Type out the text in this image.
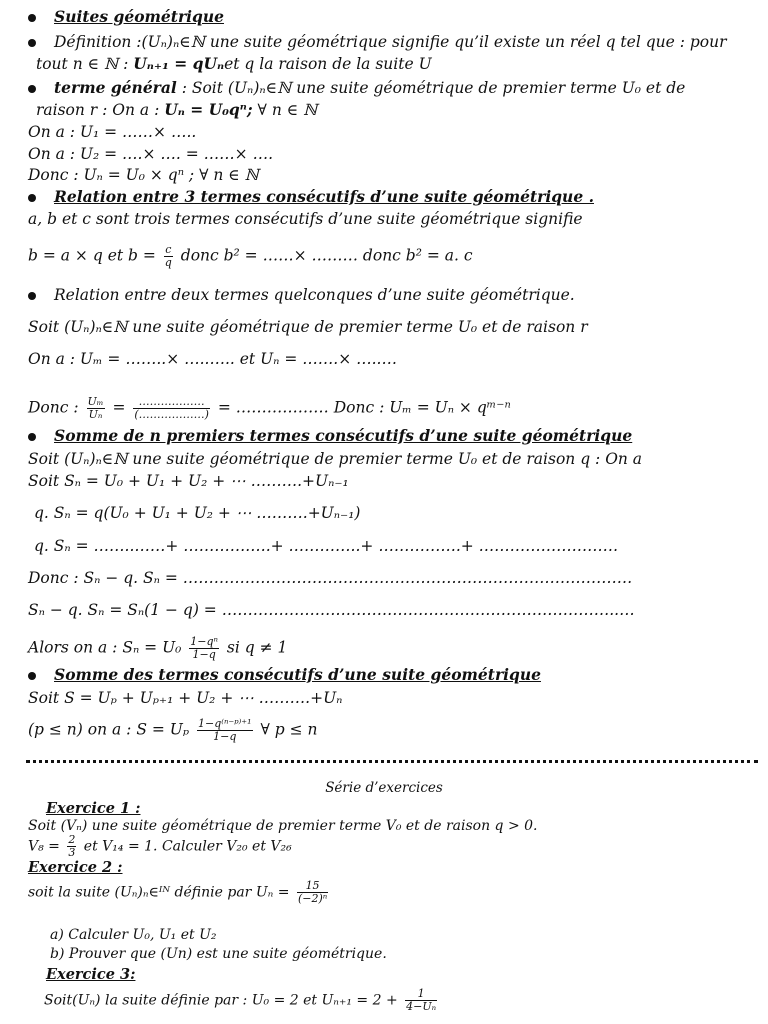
Suites géométrique
Définition :(Uₙ)ₙ∈ℕ une suite géométrique signifie qu’il existe un réel q tel que : pour
tout n ∈ ℕ : Uₙ₊₁ = qUₙet q la raison de la suite U
terme général : Soit (Uₙ)ₙ∈ℕ une suite géométrique de premier terme U₀ et de
raison r : On a : Uₙ = U₀qⁿ; ∀ n ∈ ℕ
On a : U₁ = ……× …..
On a : U₂ = ….× …. = ……× ….
Donc : Uₙ = U₀ × qⁿ ; ∀ n ∈ ℕ
Relation entre 3 termes consécutifs d’une suite géométrique .
a, b et c sont trois termes consécutifs d’une suite géométrique signifie
b = a × q et $b = \frac{c}{q}$ donc b² = ……× ……… donc b² = a. c
Relation entre deux termes quelconques d’une suite géométrique.
Soit (Uₙ)ₙ∈ℕ une suite géométrique de premier terme U₀ et de raison r
On a : Uₘ = ……..× …..….. et Uₙ = …….× …..…
Donc : $\frac{\text{Uₘ}}{\text{Uₙ}} = \frac{\dots\dots\dots\dots\dots\dots}{(\dots\dots\dots\dots\dots\dots)}$ = ……………… Donc : Uₘ = Uₙ × qᵐ⁻ⁿ
Somme de n premiers termes consécutifs d’une suite géométrique
Soit (Uₙ)ₙ∈ℕ une suite géométrique de premier terme U₀ et de raison q : On a
Soit Sₙ = U₀ + U₁ + U₂ + ⋯ ……….+Uₙ₋₁
q. Sₙ = q(U₀ + U₁ + U₂ + ⋯ ……….+Uₙ₋₁)
q. Sₙ = ……..……+ ………….….+ …………..+ …………….+ ………………………
Donc : Sₙ − q. Sₙ = ……………………………………………………………………………
Sₙ − q. Sₙ = Sₙ(1 − q) = …………………………………………………………………..…
Alors on a : $S_n = U_0 \frac{\text{1−qⁿ}}{1-q}$ si q ≠ 1
Somme des termes consécutifs d’une suite géométrique
Soit S = Uₚ + Uₚ₊₁ + U₂ + ⋯ ……….+Uₙ
(p ≤ n) on a : S = Uₚ $\frac{\text{1−q⁽ⁿ⁻ᵖ⁾⁺¹}}{1-q}$ ∀ p ≤ n
Série d’exercices
Exercice 1 :
Soit (Vₙ) une suite géométrique de premier terme V₀ et de raison q > 0.
$V_8 = \frac{2}{3}$ et V₁₄ = 1. Calculer V₂₀ et V₂₆
Exercice 2 :
soit la suite (Uₙ)ₙ∈ᴵᴺ définie par $U_n = \frac{15}{\text{(−2)ⁿ}}$
a) Calculer U₀, U₁ et U₂
b) Prouver que (Un) est une suite géométrique.
Exercice 3:
Soit(Uₙ) la suite définie par : U₀ = 2 et $U_{n+1} = 2 + \frac{1}{\text{4−Uₙ}}$
